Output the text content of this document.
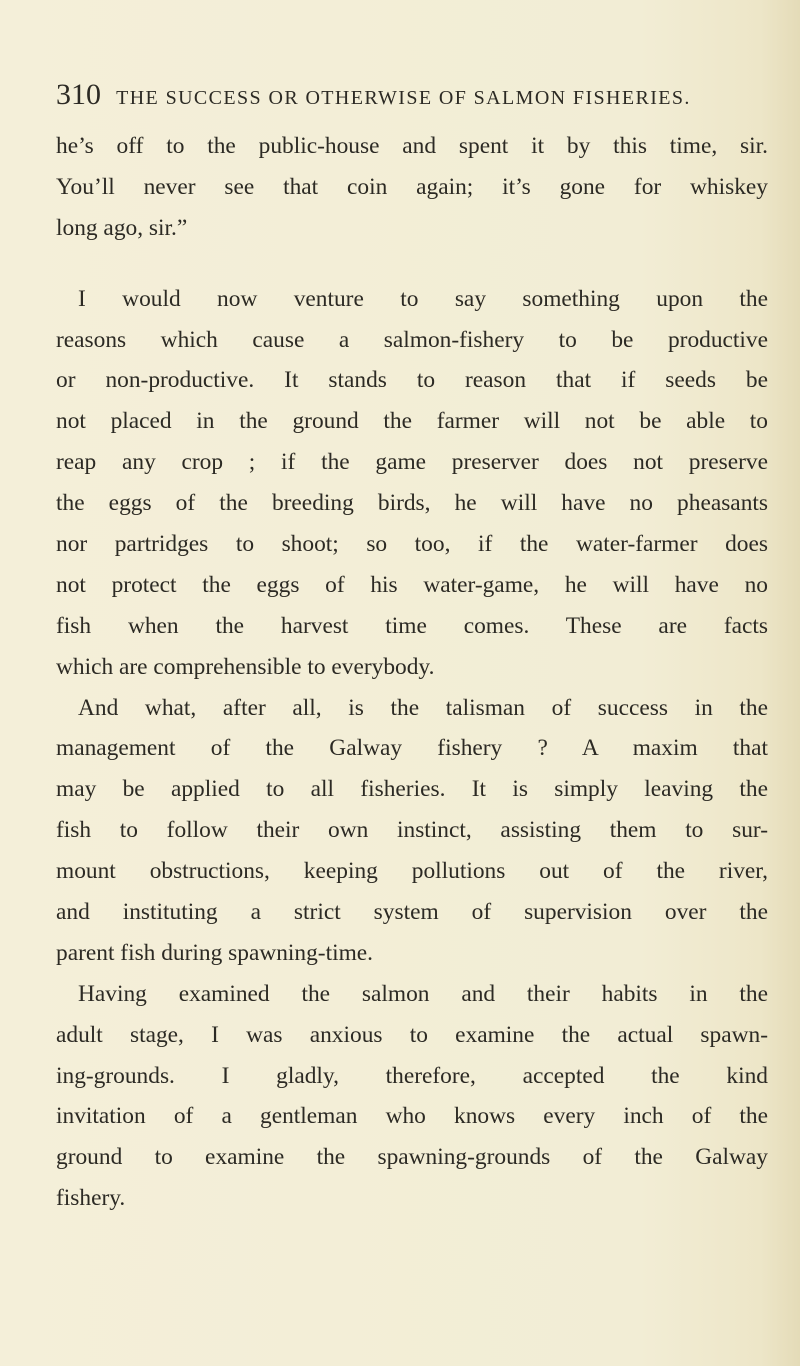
310 THE SUCCESS OR OTHERWISE OF SALMON FISHERIES.
he’s off to the public-house and spent it by this time, sir.
You’ll never see that coin again; it’s gone for whiskey
long ago, sir.”
I would now venture to say something upon the
reasons which cause a salmon-fishery to be productive
or non-productive. It stands to reason that if seeds be
not placed in the ground the farmer will not be able to
reap any crop ; if the game preserver does not preserve
the eggs of the breeding birds, he will have no pheasants
nor partridges to shoot; so too, if the water-farmer does
not protect the eggs of his water-game, he will have no
fish when the harvest time comes. These are facts
which are comprehensible to everybody.
And what, after all, is the talisman of success in the
management of the Galway fishery ? A maxim that
may be applied to all fisheries. It is simply leaving the
fish to follow their own instinct, assisting them to sur-
mount obstructions, keeping pollutions out of the river,
and instituting a strict system of supervision over the
parent fish during spawning-time.
Having examined the salmon and their habits in the
adult stage, I was anxious to examine the actual spawn-
ing-grounds. I gladly, therefore, accepted the kind
invitation of a gentleman who knows every inch of the
ground to examine the spawning-grounds of the Galway
fishery.
